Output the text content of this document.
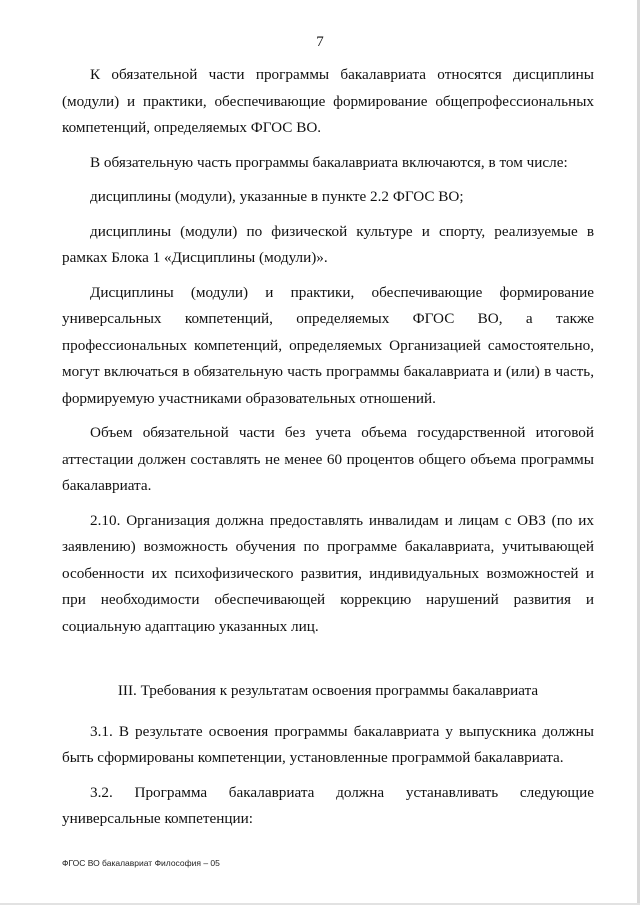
7

К обязательной части программы бакалавриата относятся дисциплины (модули) и практики, обеспечивающие формирование общепрофессиональных компетенций, определяемых ФГОС ВО.

В обязательную часть программы бакалавриата включаются, в том числе:

дисциплины (модули), указанные в пункте 2.2 ФГОС ВО;

дисциплины (модули) по физической культуре и спорту, реализуемые в рамках Блока 1 «Дисциплины (модули)».

Дисциплины (модули) и практики, обеспечивающие формирование универсальных компетенций, определяемых ФГОС ВО, а также профессиональных компетенций, определяемых Организацией самостоятельно, могут включаться в обязательную часть программы бакалавриата и (или) в часть, формируемую участниками образовательных отношений.

Объем обязательной части без учета объема государственной итоговой аттестации должен составлять не менее 60 процентов общего объема программы бакалавриата.

2.10. Организация должна предоставлять инвалидам и лицам с ОВЗ (по их заявлению) возможность обучения по программе бакалавриата, учитывающей особенности их психофизического развития, индивидуальных возможностей и при необходимости обеспечивающей коррекцию нарушений развития и социальную адаптацию указанных лиц.

III. Требования к результатам освоения программы бакалавриата

3.1. В результате освоения программы бакалавриата у выпускника должны быть сформированы компетенции, установленные программой бакалавриата.

3.2. Программа бакалавриата должна устанавливать следующие универсальные компетенции:

ФГОС ВО бакалавриат Философия – 05
